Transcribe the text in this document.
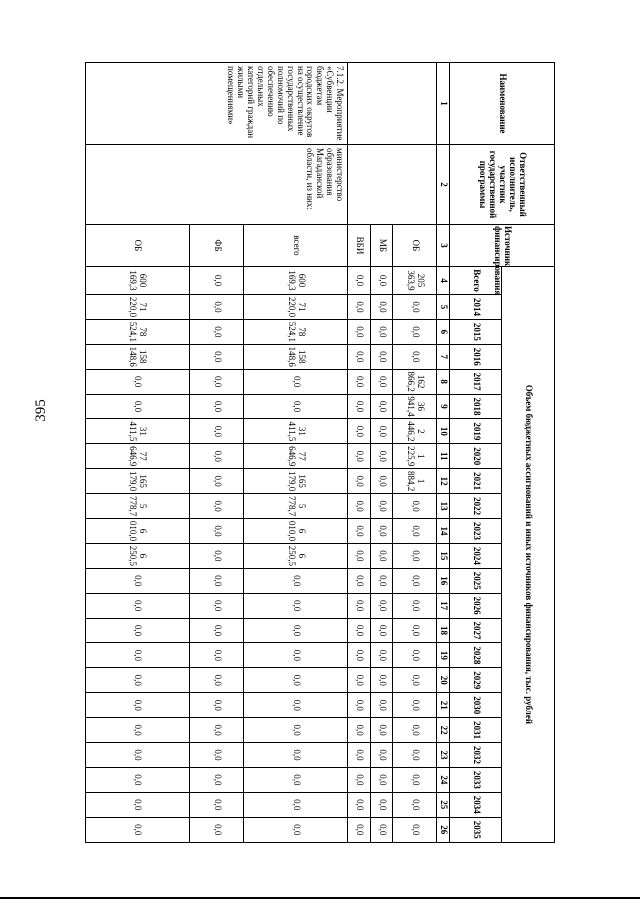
395
Наименование	Ответственный исполнитель, участник государственной программы	Источник финансирования	Объем бюджетных ассигнований и иных источников финансирования, тыс. рублей																						
			Всего	2014	2015	2016	2017	2018	2019	2020	2021	2022	2023	2024	2025	2026	2027	2028	2029	2030	2031	2032	2033	2034	2035
1	2	3	4	5	6	7	8	9	10	11	12	13	14	15	16	17	18	19	20	21	22	23	24	25	26
		ОБ	205 363,9	0,0	0,0	0,0	162 866,2	36 941,4	2 446,2	1 225,9	1 884,2	0,0	0,0	0,0	0,0	0,0	0,0	0,0	0,0	0,0	0,0	0,0	0,0	0,0	0,0
		МБ	0,0	0,0	0,0	0,0	0,0	0,0	0,0	0,0	0,0	0,0	0,0	0,0	0,0	0,0	0,0	0,0	0,0	0,0	0,0	0,0	0,0	0,0	0,0
		ВБИ	0,0	0,0	0,0	0,0	0,0	0,0	0,0	0,0	0,0	0,0	0,0	0,0	0,0	0,0	0,0	0,0	0,0	0,0	0,0	0,0	0,0	0,0	0,0
7.1.2. Мероприятие «Субвенции бюджетам городских округов на осуществление государственных полномочий по обеспечению отдельных категорий граждан жилыми помещениями»	министерство образования Магаданской области, из них:	всего	600 169,3	71 220,0	78 524,1	158 148,6	0,0	0,0	31 411,5	77 646,9	165 179,0	5 778,7	6 010,0	6 250,5	0,0	0,0	0,0	0,0	0,0	0,0	0,0	0,0	0,0	0,0	0,0
		ФБ	0,0	0,0	0,0	0,0	0,0	0,0	0,0	0,0	0,0	0,0	0,0	0,0	0,0	0,0	0,0	0,0	0,0	0,0	0,0	0,0	0,0	0,0	0,0
		ОБ	600 169,3	71 220,0	78 524,1	158 148,6	0,0	0,0	31 411,5	77 646,9	165 179,0	5 778,7	6 010,0	6 250,5	0,0	0,0	0,0	0,0	0,0	0,0	0,0	0,0	0,0	0,0	0,0
